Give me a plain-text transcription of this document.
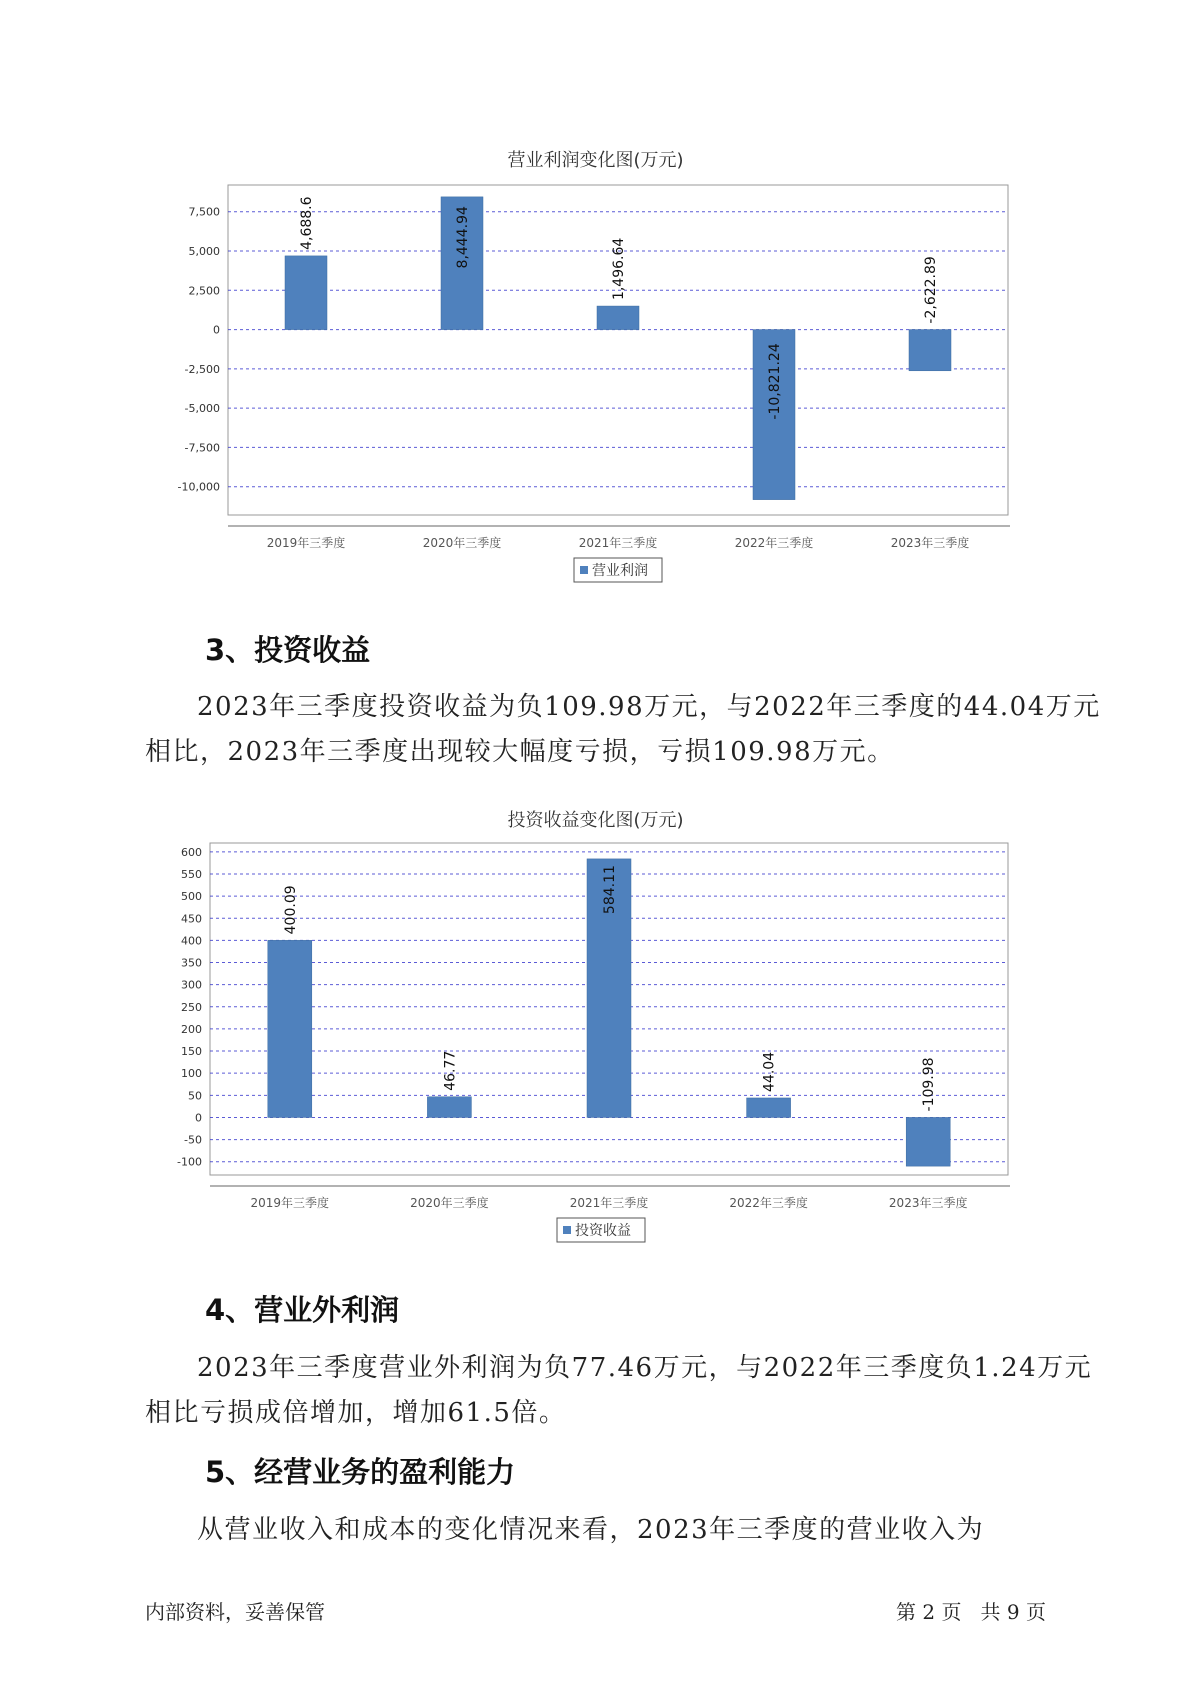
营业利润变化图(万元)
7,500
5,000
2,500
0
-2,500
-5,000
-7,500
-10,000
4,688.6
2019年三季度
8,444.94
2020年三季度
1,496.64
2021年三季度
-10,821.24
2022年三季度
-2,622.89
2023年三季度
营业利润
3、投资收益
2023年三季度投资收益为负109.98万元，与2022年三季度的44.04万元
相比，2023年三季度出现较大幅度亏损，亏损109.98万元。
投资收益变化图(万元)
600
550
500
450
400
350
300
250
200
150
100
50
0
-50
-100
400.09
2019年三季度
46.77
2020年三季度
584.11
2021年三季度
44.04
2022年三季度
-109.98
2023年三季度
投资收益
4、营业外利润
2023年三季度营业外利润为负77.46万元，与2022年三季度负1.24万元
相比亏损成倍增加，增加61.5倍。
5、经营业务的盈利能力
从营业收入和成本的变化情况来看，2023年三季度的营业收入为
内部资料，妥善保管	第 2 页   共 9 页
